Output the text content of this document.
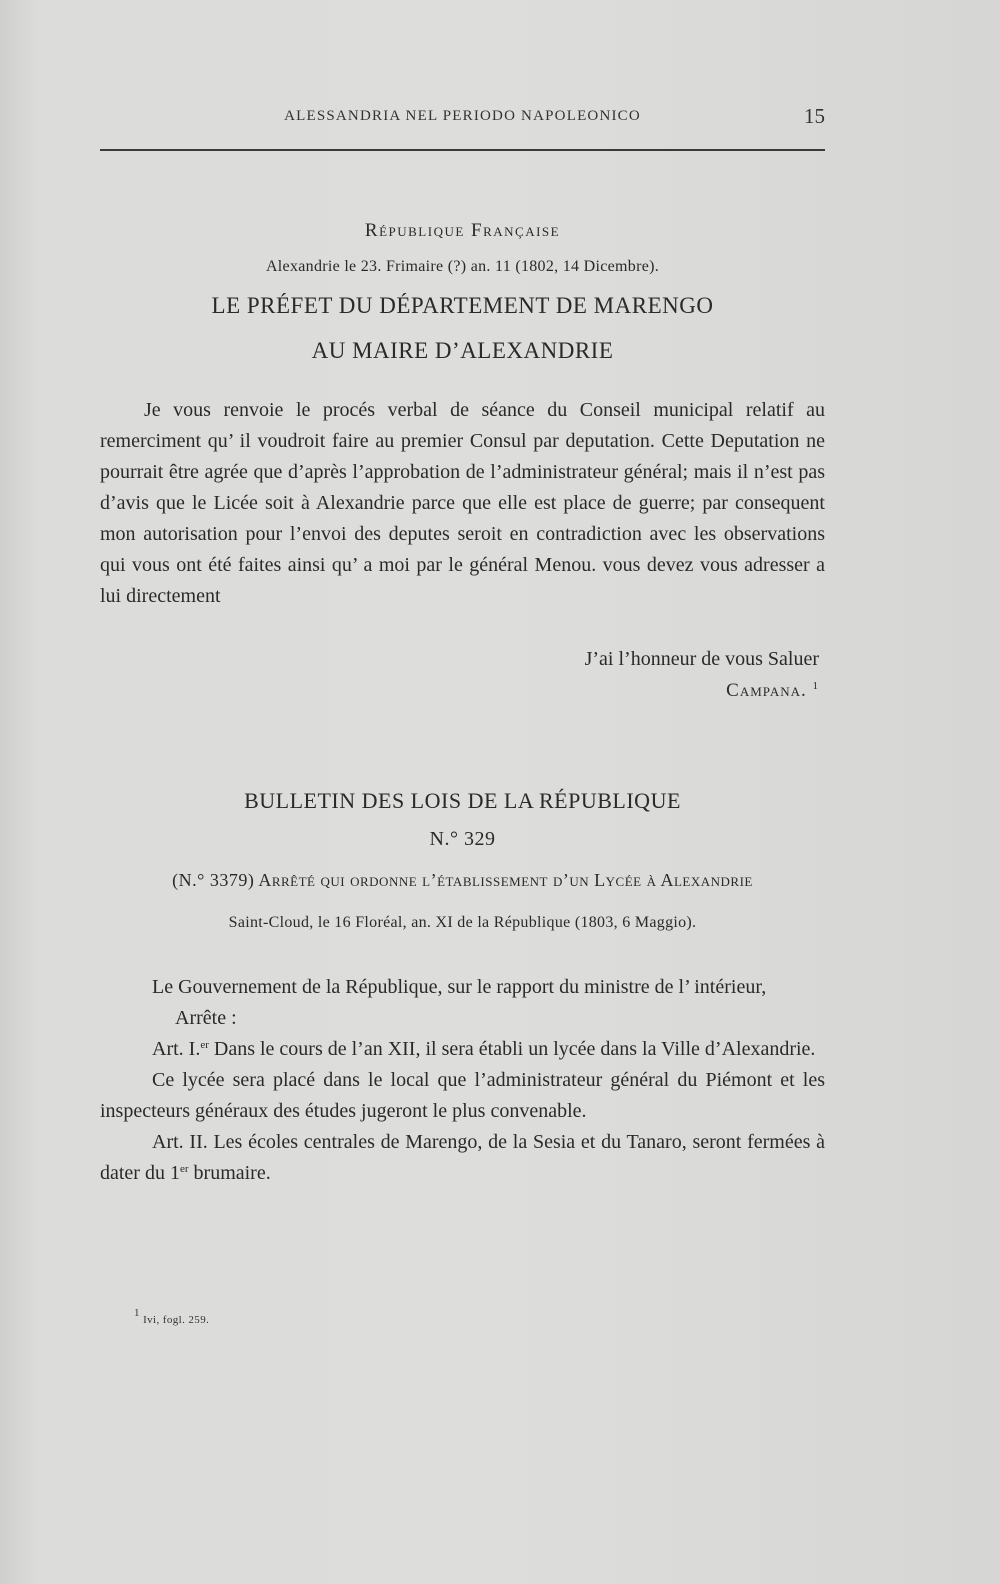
ALESSANDRIA NEL PERIODO NAPOLEONICO	15
République Française
Alexandrie le 23. Frimaire (?) an. 11 (1802, 14 Dicembre).
LE PRÉFET DU DÉPARTEMENT DE MARENGO
AU MAIRE D’ALEXANDRIE
Je vous renvoie le procés verbal de séance du Conseil municipal relatif au remerciment qu’ il voudroit faire au premier Consul par deputation. Cette Deputation ne pourrait être agrée que d’après l’approbation de l’administrateur général; mais il n’est pas d’avis que le Licée soit à Alexandrie parce que elle est place de guerre; par consequent mon autorisation pour l’envoi des deputes seroit en contradiction avec les observations qui vous ont été faites ainsi qu’ a moi par le général Menou. vous devez vous adresser a lui directement
J’ai l’honneur de vous Saluer
Campana. $^1$
BULLETIN DES LOIS DE LA RÉPUBLIQUE
N.° 329
(N.° 3379) Arrêté qui ordonne l’établissement d’un Lycée à Alexandrie
Saint-Cloud, le 16 Floréal, an. XI de la République (1803, 6 Maggio).

Le Gouvernement de la République, sur le rapport du ministre de l’ intérieur,

Arrête :

Art. I.$^{er}$ Dans le cours de l’an XII, il sera établi un lycée dans la Ville d’Alexandrie.

Ce lycée sera placé dans le local que l’administrateur général du Piémont et les inspecteurs généraux des études jugeront le plus convenable.

Art. II. Les écoles centrales de Marengo, de la Sesia et du Tanaro, seront fermées à dater du 1er brumaire.

$^1$ Ivi, fogl. 259.
